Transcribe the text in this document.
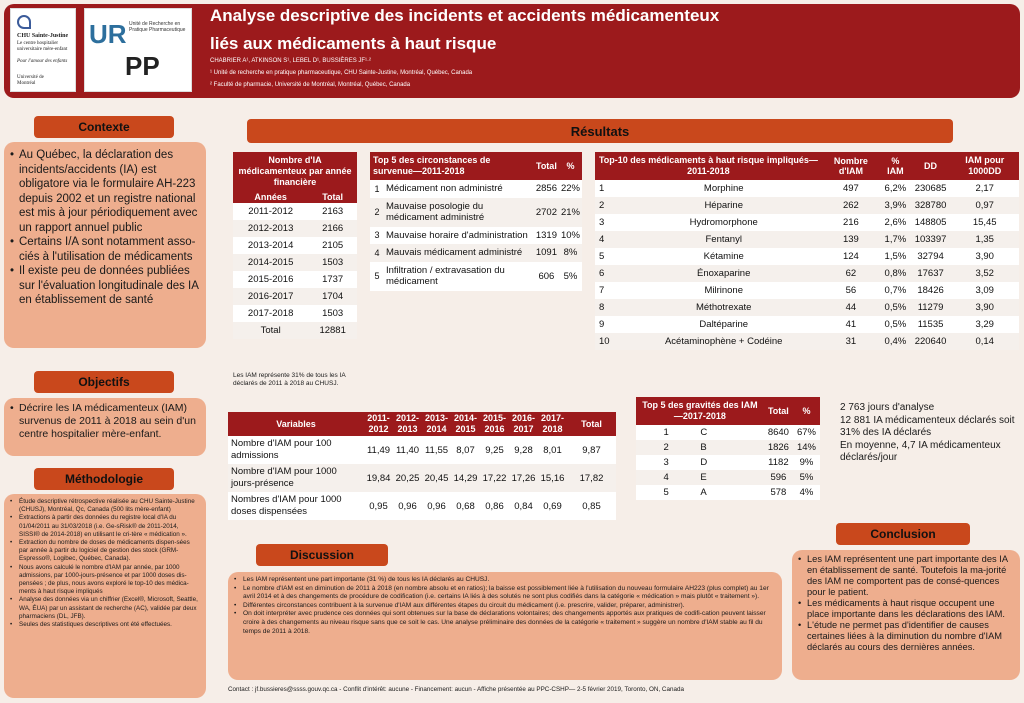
CHU Sainte-Justine
Le centre hospitalier universitaire mère-enfant
Pour l'amour des enfants
Université de Montréal
UR
PP
Unité de Recherche en Pratique Pharmaceutique
Analyse descriptive des incidents et accidents médicamenteux
liés aux médicaments à haut risque
CHABRIER A¹, ATKINSON S¹, LEBEL D¹, BUSSIÈRES JF¹·²
¹ Unité de recherche en pratique pharmaceutique, CHU Sainte-Justine, Montréal, Québec, Canada
² Faculté de pharmacie, Université de Montréal, Montréal, Québec, Canada
Contexte
• Au Québec, la déclaration des incidents/accidents (IA) est obligatore via le formulaire AH-223 depuis 2002 et un registre national est mis à jour périodiquement avec un rapport annuel public
• Certains I/A sont notamment asso-ciés à l'utilisation de médicaments
• Il existe peu de données publiées sur l'évaluation longitudinale des IA en établissement de santé
Objectifs
• Décrire les IA médicamenteux (IAM) survenus de 2011 à 2018 au sein d'un centre hospitalier mère-enfant.
Méthodologie
• Étude descriptive rétrospective réalisée au CHU Sainte-Justine (CHUSJ), Montréal, Qc, Canada (500 lits mère-enfant)
• Extractions à partir des données du registre local d'IA du 01/04/2011 au 31/03/2018 (i.e. Ge-sRisk® de 2011-2014, SISSI® de 2014-2018) en utilisant le cri-tère « médication ».
• Extraction du nombre de doses de médicaments dispen-sées par année à partir du logiciel de gestion des stock (GRM-Espresso®, Logibec, Québec, Canada).
• Nous avons calculé le nombre d'IAM par année, par 1000 admissions, par 1000-jours-présence et par 1000 doses dis-pensées ; de plus, nous avons exploré le top-10 des médica-ments à haut risque impliqués
• Analyse des données via un chiffrier (Excel®, Microsoft, Seattle, WA, ÉUA) par un assistant de recherche (AC), validée par deux pharmaciens (DL, JFB).
• Seules des statistiques descriptives ont été effectuées.
Résultats
Nombre d'IA médicamenteux par année financière	
Années	Total
2011-2012	2163
2012-2013	2166
2013-2014	2105
2014-2015	1503
2015-2016	1737
2016-2017	1704
2017-2018	1503
Total	12881
Les IAM représente 31% de tous les IA déclarés de 2011 à 2018 au CHUSJ.
Top 5 des circonstances de survenue—2011-2018		Total	%
1	Médicament non administré	2856	22%
2	Mauvaise posologie du médicament administré	2702	21%
3	Mauvaise horaire d'administration	1319	10%
4	Mauvais médicament administré	1091	8%
5	Infiltration / extravasation du médicament	606	5%
Top-10 des médicaments à haut risque impliqués—2011-2018		Nombre d'IAM	% IAM	DD	IAM pour 1000DD
1	Morphine	497	6,2%	230685	2,17
2	Héparine	262	3,9%	328780	0,97
3	Hydromorphone	216	2,6%	148805	15,45
4	Fentanyl	139	1,7%	103397	1,35
5	Kétamine	124	1,5%	32794	3,90
6	Énoxaparine	62	0,8%	17637	3,52
7	Milrinone	56	0,7%	18426	3,09
8	Méthotrexate	44	0,5%	11279	3,90
9	Daltéparine	41	0,5%	11535	3,29
10	Acétaminophène + Codéine	31	0,4%	220640	0,14
Variables	2011-2012	2012-2013	2013-2014	2014-2015	2015-2016	2016-2017	2017-2018	Total
Nombre d'IAM pour 100 admissions	11,49	11,40	11,55	8,07	9,25	9,28	8,01	9,87
Nombre d'IAM pour 1000 jours-présence	19,84	20,25	20,45	14,29	17,22	17,26	15,16	17,82
Nombres d'IAM pour 1000 doses dispensées	0,95	0,96	0,96	0,68	0,86	0,84	0,69	0,85
Top 5 des gravités des IAM—2017-2018		Total	%
1	C	8640	67%
2	B	1826	14%
3	D	1182	9%
4	E	596	5%
5	A	578	4%
2 763 jours d'analyse
12 881 IA médicamenteux déclarés soit 31% des IA déclarés
En moyenne, 4,7 IA médicamenteux déclarés/jour
Discussion
• Les IAM représentent une part importante (31 %) de tous les IA déclarés au CHUSJ.
• Le nombre d'IAM est en diminution de 2011 à 2018 (en nombre absolu et en ratios); la baisse est possiblement liée à l'utilisation du nouveau formulaire AH223 (plus complet) au 1er avril 2014 et à des changements de procédure de codification (i.e. certains IA liés à des solutés ne sont plus codifiés dans la catégorie « médication » mais plutôt « traitement »).
• Différentes circonstances contribuent à la survenue d'IAM aux différentes étapes du circuit du médicament (i.e. prescrire, valider, préparer, administrer).
• On doit interpréter avec prudence ces données qui sont obtenues sur la base de déclarations volontaires; des changements apportés aux pratiques de codifi-cation peuvent laisser croire à des changements au niveau risque sans que ce soit le cas. Une analyse préliminaire des données de la catégorie « traitement » suggère un nombre d'IAM stable au fil du temps de 2011 à 2018.
Conclusion
• Les IAM représentent une part importante des IA en établissement de santé. Toutefois la ma-jorité des IAM ne comportent pas de consé-quences pour le patient.
• Les médicaments à haut risque occupent une place importante dans les déclarations des IAM.
• L'étude ne permet pas d'identifier de causes certaines liées à la diminution du nombre d'IAM déclarés au cours des dernières années.
Contact : jf.bussieres@ssss.gouv.qc.ca - Conflit d'intérêt: aucune - Financement: aucun - Affiche présentée au PPC-CSHP— 2-5 février 2019, Toronto, ON, Canada
